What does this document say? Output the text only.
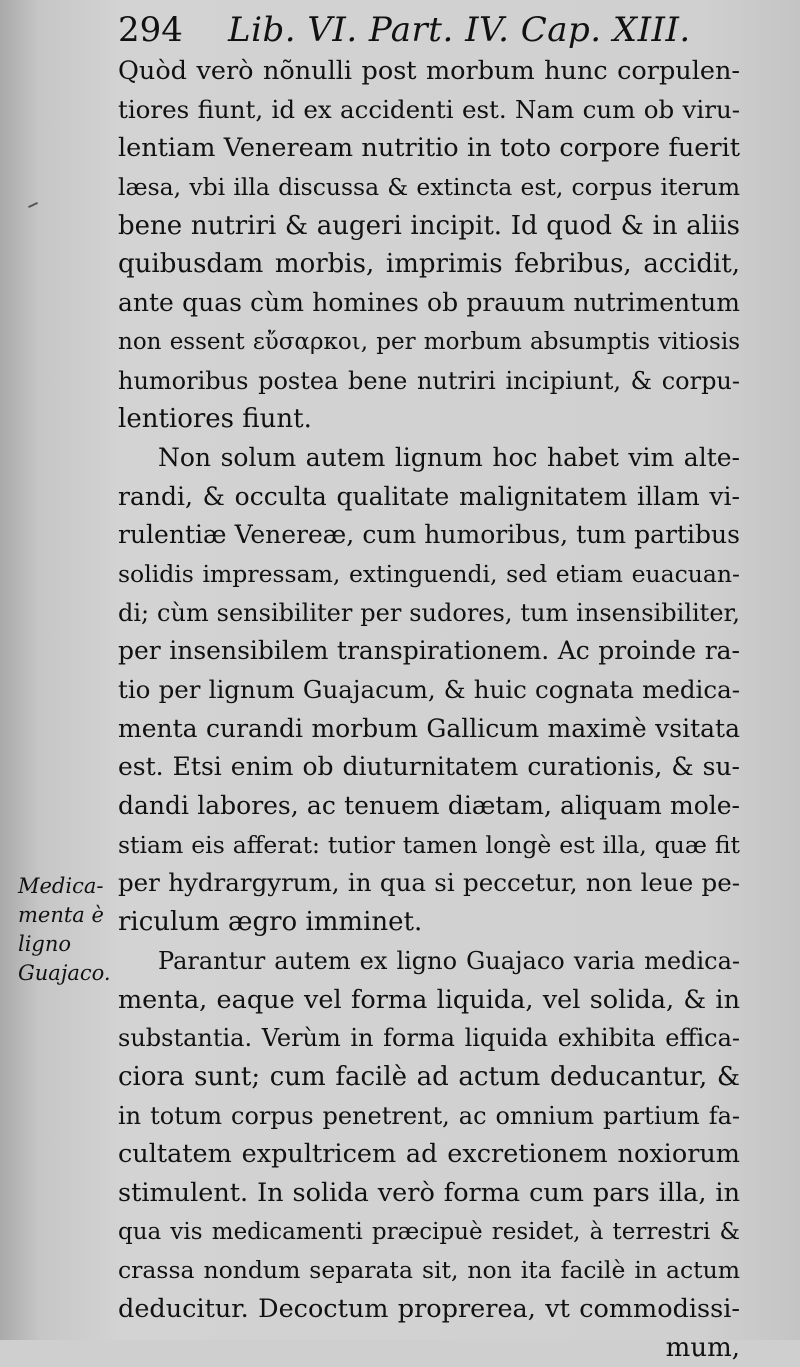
294 Lib. VI. Part. IV. Cap. XIII.
Medica-
menta è
ligno
Guajaco.
Quòd verò nõnulli post morbum hunc corpulen-
tiores fiunt, id ex accidenti est. Nam cum ob viru-
lentiam Veneream nutritio in toto corpore fuerit
læsa, vbi illa discussa & extincta est, corpus iterum
bene nutriri & augeri incipit. Id quod & in aliis
quibusdam morbis, imprimis febribus, accidit,
ante quas cùm homines ob prauum nutrimentum
non essent εὔσαρκοι, per morbum absumptis vitiosis
humoribus postea bene nutriri incipiunt, & corpu-
lentiores fiunt.
Non solum autem lignum hoc habet vim alte-
randi, & occulta qualitate malignitatem illam vi-
rulentiæ Venereæ, cum humoribus, tum partibus
solidis impressam, extinguendi, sed etiam euacuan-
di; cùm sensibiliter per sudores, tum insensibiliter,
per insensibilem transpirationem. Ac proinde ra-
tio per lignum Guajacum, & huic cognata medica-
menta curandi morbum Gallicum maximè vsitata
est. Etsi enim ob diuturnitatem curationis, & su-
dandi labores, ac tenuem diætam, aliquam mole-
stiam eis afferat: tutior tamen longè est illa, quæ fit
per hydrargyrum, in qua si peccetur, non leue pe-
riculum ægro imminet.
Parantur autem ex ligno Guajaco varia medica-
menta, eaque vel forma liquida, vel solida, & in
substantia. Verùm in forma liquida exhibita effica-
ciora sunt; cum facilè ad actum deducantur, &
in totum corpus penetrent, ac omnium partium fa-
cultatem expultricem ad excretionem noxiorum
stimulent. In solida verò forma cum pars illa, in
qua vis medicamenti præcipuè residet, à terrestri &
crassa nondum separata sit, non ita facilè in actum
deducitur. Decoctum proprerea, vt commodissi-
mum,
